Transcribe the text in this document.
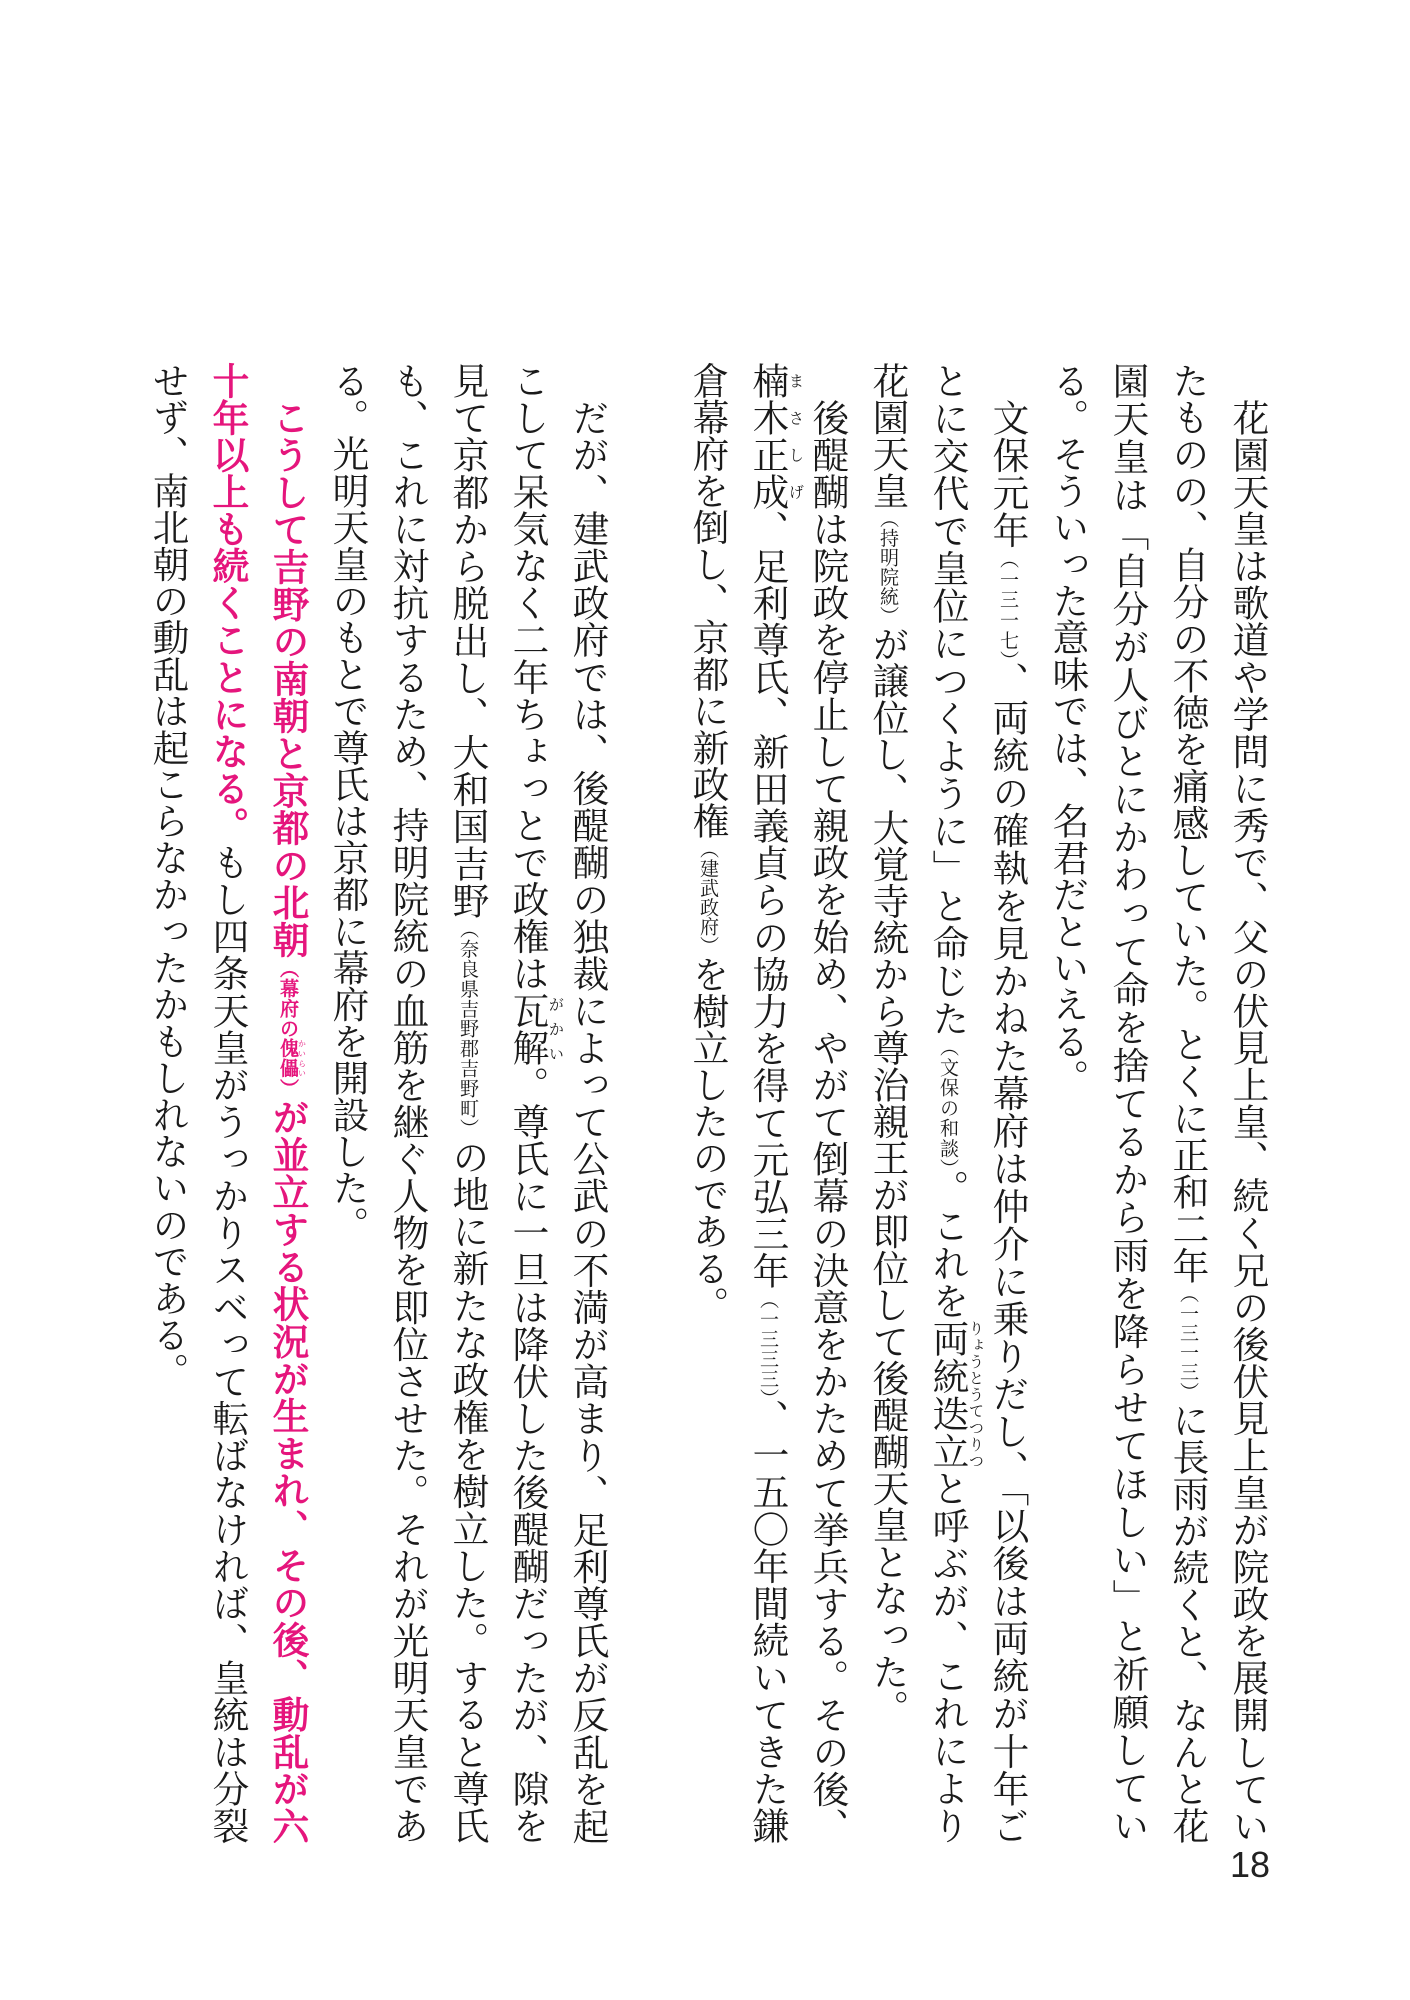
花園天皇は歌道や学問に秀で、父の伏見上皇、続く兄の後伏見上皇が院政を展開していたものの、自分の不徳を痛感していた。とくに正和二年（一三一三）に長雨が続くと、なんと花園天皇は「自分が人びとにかわって命を捨てるから雨を降らせてほしい」と祈願している。そういった意味では、名君だといえる。

文保元年（一三一七）、両統の確執を見かねた幕府は仲介に乗りだし、「以後は両統が十年ごとに交代で皇位につくように」と命じた（文保の和談）。これを両統迭立りょうとうてつりつと呼ぶが、これにより花園天皇（持明院統）が譲位し、大覚寺統から尊治親王が即位して後醍醐天皇となった。

後醍醐は院政を停止して親政を始め、やがて倒幕の決意をかためて挙兵する。その後、楠木正成まさしげ、足利尊氏、新田義貞らの協力を得て元弘三年（一三三三）、一五〇年間続いてきた鎌倉幕府を倒し、京都に新政権（建武政府）を樹立したのである。

だが、建武政府では、後醍醐の独裁によって公武の不満が高まり、足利尊氏が反乱を起こして呆気なく二年ちょっとで政権は瓦解がかい。尊氏に一旦は降伏した後醍醐だったが、隙を見て京都から脱出し、大和国吉野（奈良県吉野郡吉野町）の地に新たな政権を樹立した。すると尊氏も、これに対抗するため、持明院統の血筋を継ぐ人物を即位させた。それが光明天皇である。光明天皇のもとで尊氏は京都に幕府を開設した。

こうして吉野の南朝と京都の北朝（幕府の傀儡かいらい）が並立する状況が生まれ、その後、動乱が六十年以上も続くことになる。もし四条天皇がうっかりスベって転ばなければ、皇統は分裂せず、南北朝の動乱は起こらなかったかもしれないのである。

18
